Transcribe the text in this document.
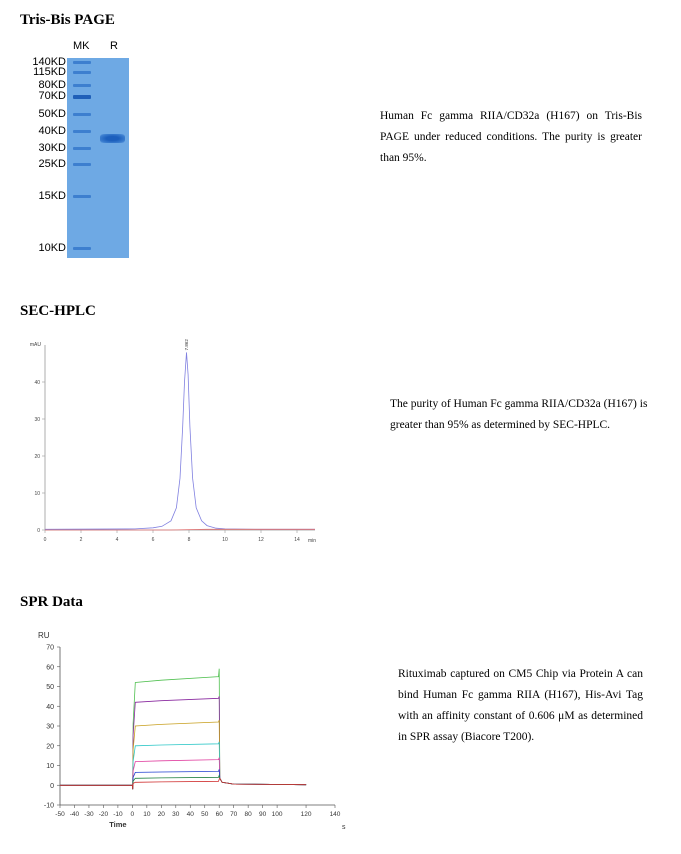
Tris-Bis PAGE
MK R
140KD
115KD
80KD
70KD
50KD
40KD
30KD
25KD
15KD
10KD
Human Fc gamma RIIA/CD32a (H167) on Tris-Bis PAGE under reduced conditions. The purity is greater than 95%.
SEC-HPLC
mAU
min
0
10
20
30
40
0	2	4	6	8	10	12	14
7.862
The purity of Human Fc gamma RIIA/CD32a (H167) is greater than 95% as determined by SEC-HPLC.
SPR Data
RU
-10
0
10
20
30
40
50
60
70
-50 -40 -30 -20 -10 0 10 20 30 40 50 60 70 80 90 100	120	140
Time	s
Rituximab captured on CM5 Chip via Protein A can bind Human Fc gamma RIIA (H167), His-Avi Tag with an affinity constant of 0.606 μM as determined in SPR assay (Biacore T200).
